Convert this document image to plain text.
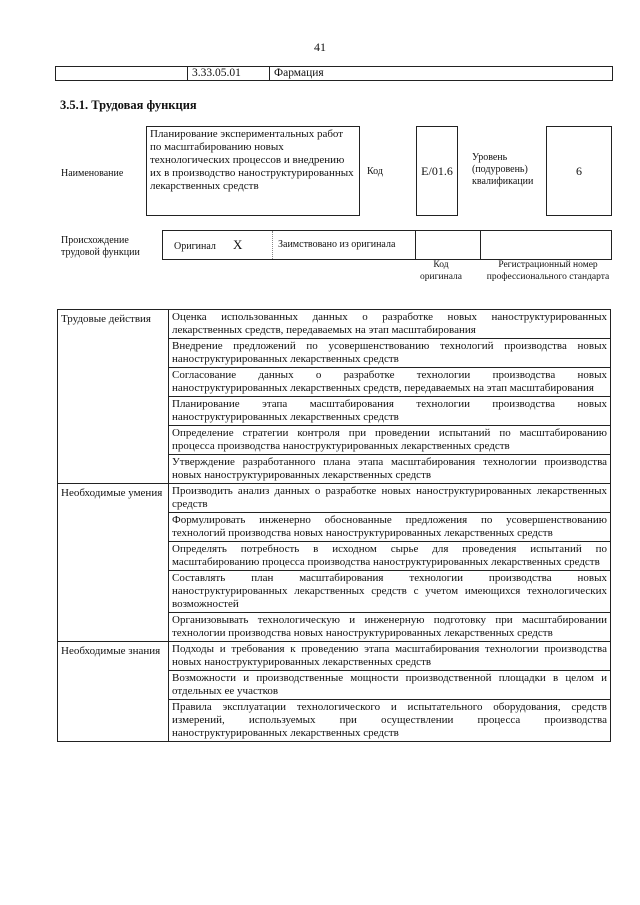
41
3.33.05.01	Фармация
3.5.1. Трудовая функция
Наименование
Планирование экспериментальных работ по масштабированию новых технологических процессов и внедрению их в производство наноструктурированных лекарственных средств
Код	E/01.6
Уровень (подуровень) квалификации
6
Происхождение трудовой функции
Оригинал X	Заимствовано из оригинала
Код оригинала
Регистрационный номер профессионального стандарта
Трудовые действия	Оценка использованных данных о разработке новых наноструктурированных лекарственных средств, передаваемых на этап масштабирования
	Внедрение предложений по усовершенствованию технологий производства новых наноструктурированных лекарственных средств
	Согласование данных о разработке технологии производства новых наноструктурированных лекарственных средств, передаваемых на этап масштабирования
	Планирование этапа масштабирования технологии производства новых наноструктурированных лекарственных средств
	Определение стратегии контроля при проведении испытаний по масштабированию процесса производства наноструктурированных лекарственных средств
	Утверждение разработанного плана этапа масштабирования технологии производства новых наноструктурированных лекарственных средств
Необходимые умения	Производить анализ данных о разработке новых наноструктурированных лекарственных средств
	Формулировать инженерно обоснованные предложения по усовершенствованию технологий производства новых наноструктурированных лекарственных средств
	Определять потребность в исходном сырье для проведения испытаний по масштабированию процесса производства наноструктурированных лекарственных средств
	Составлять план масштабирования технологии производства новых наноструктурированных лекарственных средств с учетом имеющихся технологических возможностей
	Организовывать технологическую и инженерную подготовку при масштабировании технологии производства новых наноструктурированных лекарственных средств
Необходимые знания	Подходы и требования к проведению этапа масштабирования технологии производства новых наноструктурированных лекарственных средств
	Возможности и производственные мощности производственной площадки в целом и отдельных ее участков
	Правила эксплуатации технологического и испытательного оборудования, средств измерений, используемых при осуществлении процесса производства наноструктурированных лекарственных средств
